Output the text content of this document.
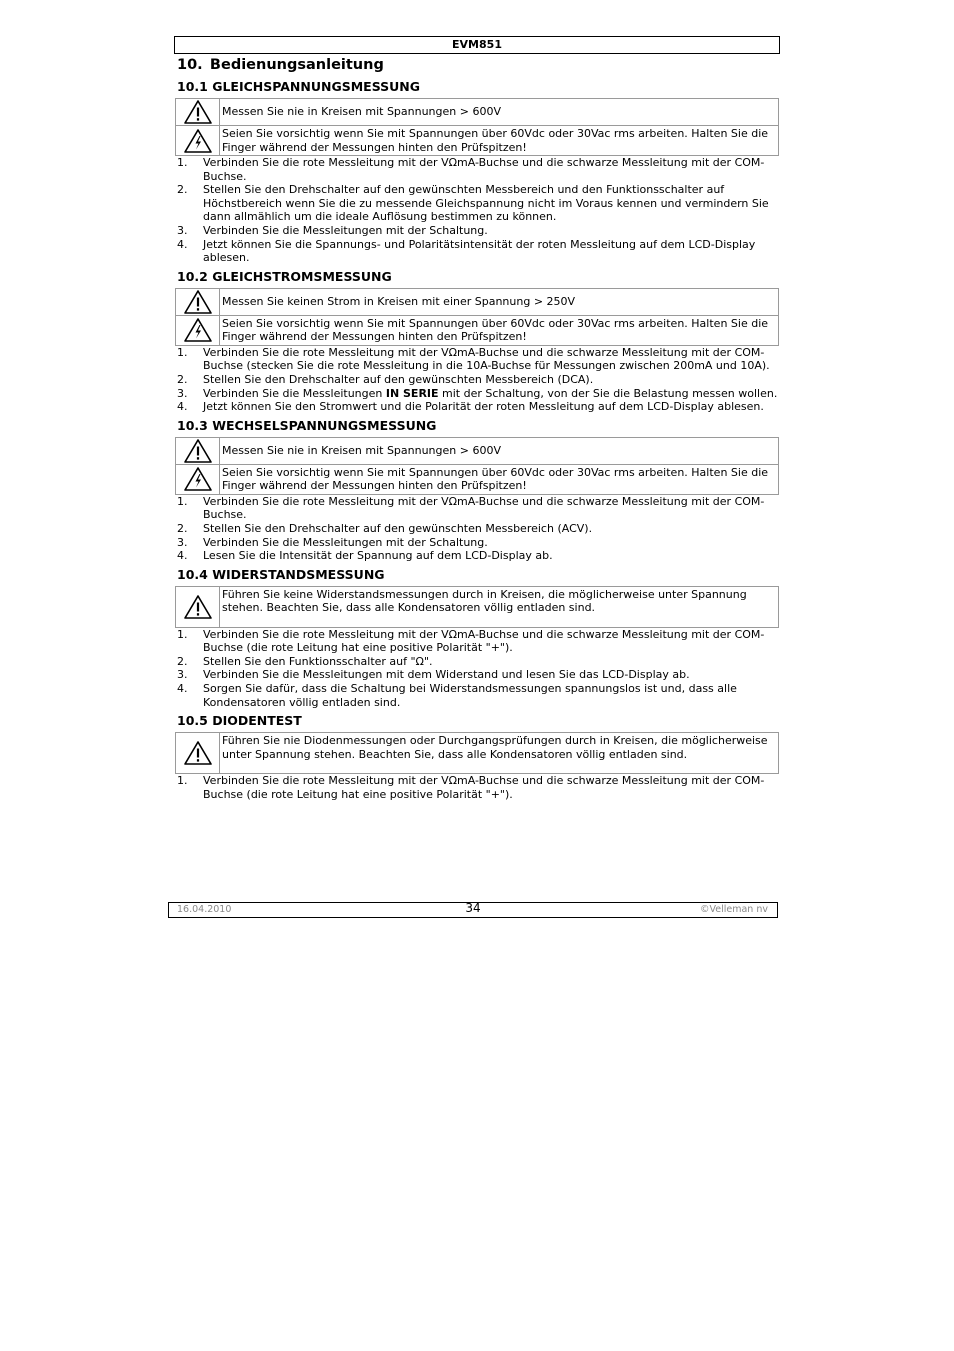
EVM851
10. Bedienungsanleitung
10.1 GLEICHSPANNUNGSMESSUNG
	Messen Sie nie in Kreisen mit Spannungen > 600V

	Seien Sie vorsichtig wenn Sie mit Spannungen über 60Vdc oder 30Vac rms arbeiten. Halten Sie die Finger während der Messungen hinten den Prüfspitzen!
1. Verbinden Sie die rote Messleitung mit der VΩmA-Buchse und die schwarze Messleitung mit der COM-Buchse.
2. Stellen Sie den Drehschalter auf den gewünschten Messbereich und den Funktionsschalter auf Höchstbereich wenn Sie die zu messende Gleichspannung nicht im Voraus kennen und vermindern Sie dann allmählich um die ideale Auflösung bestimmen zu können.
3. Verbinden Sie die Messleitungen mit der Schaltung.
4. Jetzt können Sie die Spannungs- und Polaritätsintensität der roten Messleitung auf dem LCD-Display ablesen.
10.2 GLEICHSTROMSMESSUNG
	Messen Sie keinen Strom in Kreisen mit einer Spannung > 250V

	Seien Sie vorsichtig wenn Sie mit Spannungen über 60Vdc oder 30Vac rms arbeiten. Halten Sie die Finger während der Messungen hinten den Prüfspitzen!
1. Verbinden Sie die rote Messleitung mit der VΩmA-Buchse und die schwarze Messleitung mit der COM-Buchse (stecken Sie die rote Messleitung in die 10A-Buchse für Messungen zwischen 200mA und 10A).
2. Stellen Sie den Drehschalter auf den gewünschten Messbereich (DCA).
3. Verbinden Sie die Messleitungen IN SERIE mit der Schaltung, von der Sie die Belastung messen wollen.
4. Jetzt können Sie den Stromwert und die Polarität der roten Messleitung auf dem LCD-Display ablesen.
10.3 WECHSELSPANNUNGSMESSUNG
	Messen Sie nie in Kreisen mit Spannungen > 600V

	Seien Sie vorsichtig wenn Sie mit Spannungen über 60Vdc oder 30Vac rms arbeiten. Halten Sie die Finger während der Messungen hinten den Prüfspitzen!
1. Verbinden Sie die rote Messleitung mit der VΩmA-Buchse und die schwarze Messleitung mit der COM-Buchse.
2. Stellen Sie den Drehschalter auf den gewünschten Messbereich (ACV).
3. Verbinden Sie die Messleitungen mit der Schaltung.
4. Lesen Sie die Intensität der Spannung auf dem LCD-Display ab.
10.4 WIDERSTANDSMESSUNG
	Führen Sie keine Widerstandsmessungen durch in Kreisen, die möglicherweise unter Spannung stehen. Beachten Sie, dass alle Kondensatoren völlig entladen sind.
1. Verbinden Sie die rote Messleitung mit der VΩmA-Buchse und die schwarze Messleitung mit der COM-Buchse (die rote Leitung hat eine positive Polarität "+").
2. Stellen Sie den Funktionsschalter auf "Ω".
3. Verbinden Sie die Messleitungen mit dem Widerstand und lesen Sie das LCD-Display ab.
4. Sorgen Sie dafür, dass die Schaltung bei Widerstandsmessungen spannungslos ist und, dass alle Kondensatoren völlig entladen sind.
10.5 DIODENTEST
	Führen Sie nie Diodenmessungen oder Durchgangsprüfungen durch in Kreisen, die möglicherweise unter Spannung stehen. Beachten Sie, dass alle Kondensatoren völlig entladen sind.
1. Verbinden Sie die rote Messleitung mit der VΩmA-Buchse und die schwarze Messleitung mit der COM-Buchse (die rote Leitung hat eine positive Polarität "+").
16.04.2010	34	©Velleman nv
